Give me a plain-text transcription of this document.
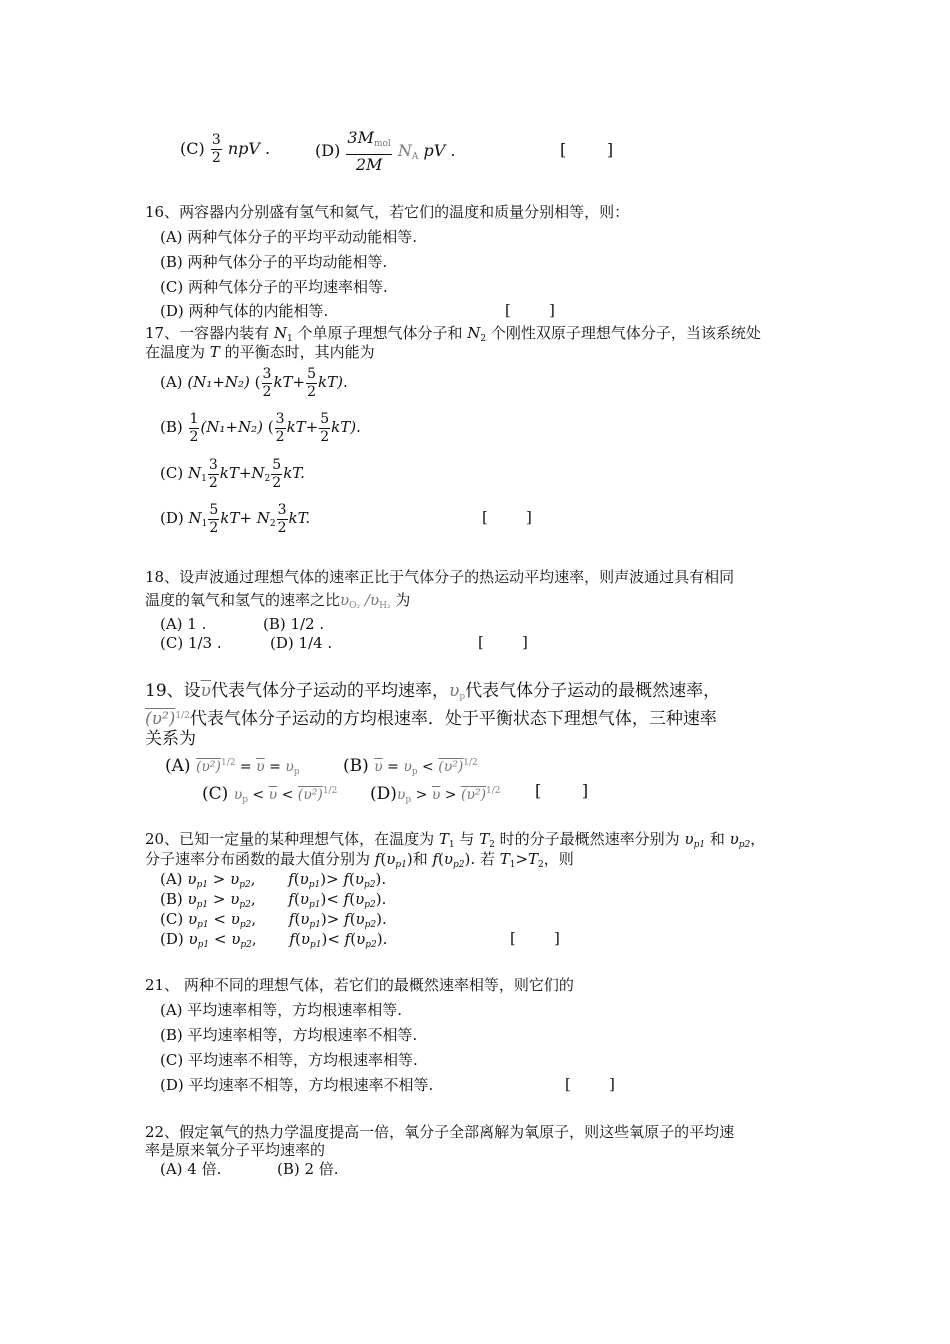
$(C) \frac{3}{2}$ npV .	$(D) \frac{3M_{mol}}{2M} N_A$ pV .	[        ]
16、两容器内分别盛有氢气和氦气，若它们的温度和质量分别相等，则：
(A) 两种气体分子的平均平动动能相等.
(B) 两种气体分子的平均动能相等.
(C) 两种气体分子的平均速率相等.
(D) 两种气体的内能相等.	[        ]
17、一容器内装有 $N_1$ 个单原子理想气体分子和 $N_2$ 个刚性双原子理想气体分子，当该系统处
在温度为 T 的平衡态时，其内能为
(A) (N₁+N₂) ( $\frac{3}{2} kT+ \frac{5}{2} kT$).
$(B) \frac{1}{2} (N_1+N_2)$ ( $\frac{3}{2} kT+ \frac{5}{2} kT$).
(C) $N_1 \frac{3}{2} kT+N_2 \frac{5}{2}$ kT.
(D) $N_1 \frac{5}{2} kT+ N_2 \frac{3}{2}$ kT.	[        ]
18、设声波通过理想气体的速率正比于气体分子的热运动平均速率，则声波通过具有相同
温度的氧气和氢气的速率之比$\upsilon_{O_2}$ $/\upsilon_{H_2}$ 为
(A) 1 .	(B) 1/2 .
(C) 1/3 .	(D) 1/4 .	[        ]
19、设$\overline{\upsilon}$代表气体分子运动的平均速率，$\upsilon_p$代表气体分子运动的最概然速率，
$(\upsilon^2)^{1/2}$代表气体分子运动的方均根速率．处于平衡状态下理想气体，三种速率
关系为
(A) $(\upsilon^2)^{1/2} = \overline{\upsilon} = \upsilon_p$	(B) $\overline{\upsilon} = \upsilon_p < (\upsilon^2)^{1/2}$
(C) $\upsilon_p < \overline{\upsilon} < (\upsilon^2)^{1/2}$ $(D)\upsilon_p > \overline{\upsilon} > (\upsilon^2)^{1/2}$ [        ]
20、已知一定量的某种理想气体，在温度为 $T_1$ 与 $T_2$ 时的分子最概然速率分别为 $\upsilon_{p1}$ 和 $\upsilon_{p2}$，
分子速率分布函数的最大值分别为 $f(\upsilon_{p1})$和 $f(\upsilon_{p2})$. 若 $T_1>T_2$，则
(A) $\upsilon_{p1} > \upsilon_{p2}$, $f(\upsilon_{p1})> f(\upsilon_{p2})$.
(B) $\upsilon_{p1} > \upsilon_{p2}$, $f(\upsilon_{p1})< f(\upsilon_{p2})$.
(C) $\upsilon_{p1} < \upsilon_{p2}$, $f(\upsilon_{p1})> f(\upsilon_{p2})$.
(D) $\upsilon_{p1} < \upsilon_{p2}$, $f(\upsilon_{p1})< f(\upsilon_{p2})$.	[        ]
21、 两种不同的理想气体，若它们的最概然速率相等，则它们的
(A) 平均速率相等，方均根速率相等.
(B) 平均速率相等，方均根速率不相等.
(C) 平均速率不相等，方均根速率相等.
(D) 平均速率不相等，方均根速率不相等.	[        ]
22、假定氧气的热力学温度提高一倍，氧分子全部离解为氧原子，则这些氧原子的平均速
率是原来氧分子平均速率的
(A) 4 倍.	(B) 2 倍.
